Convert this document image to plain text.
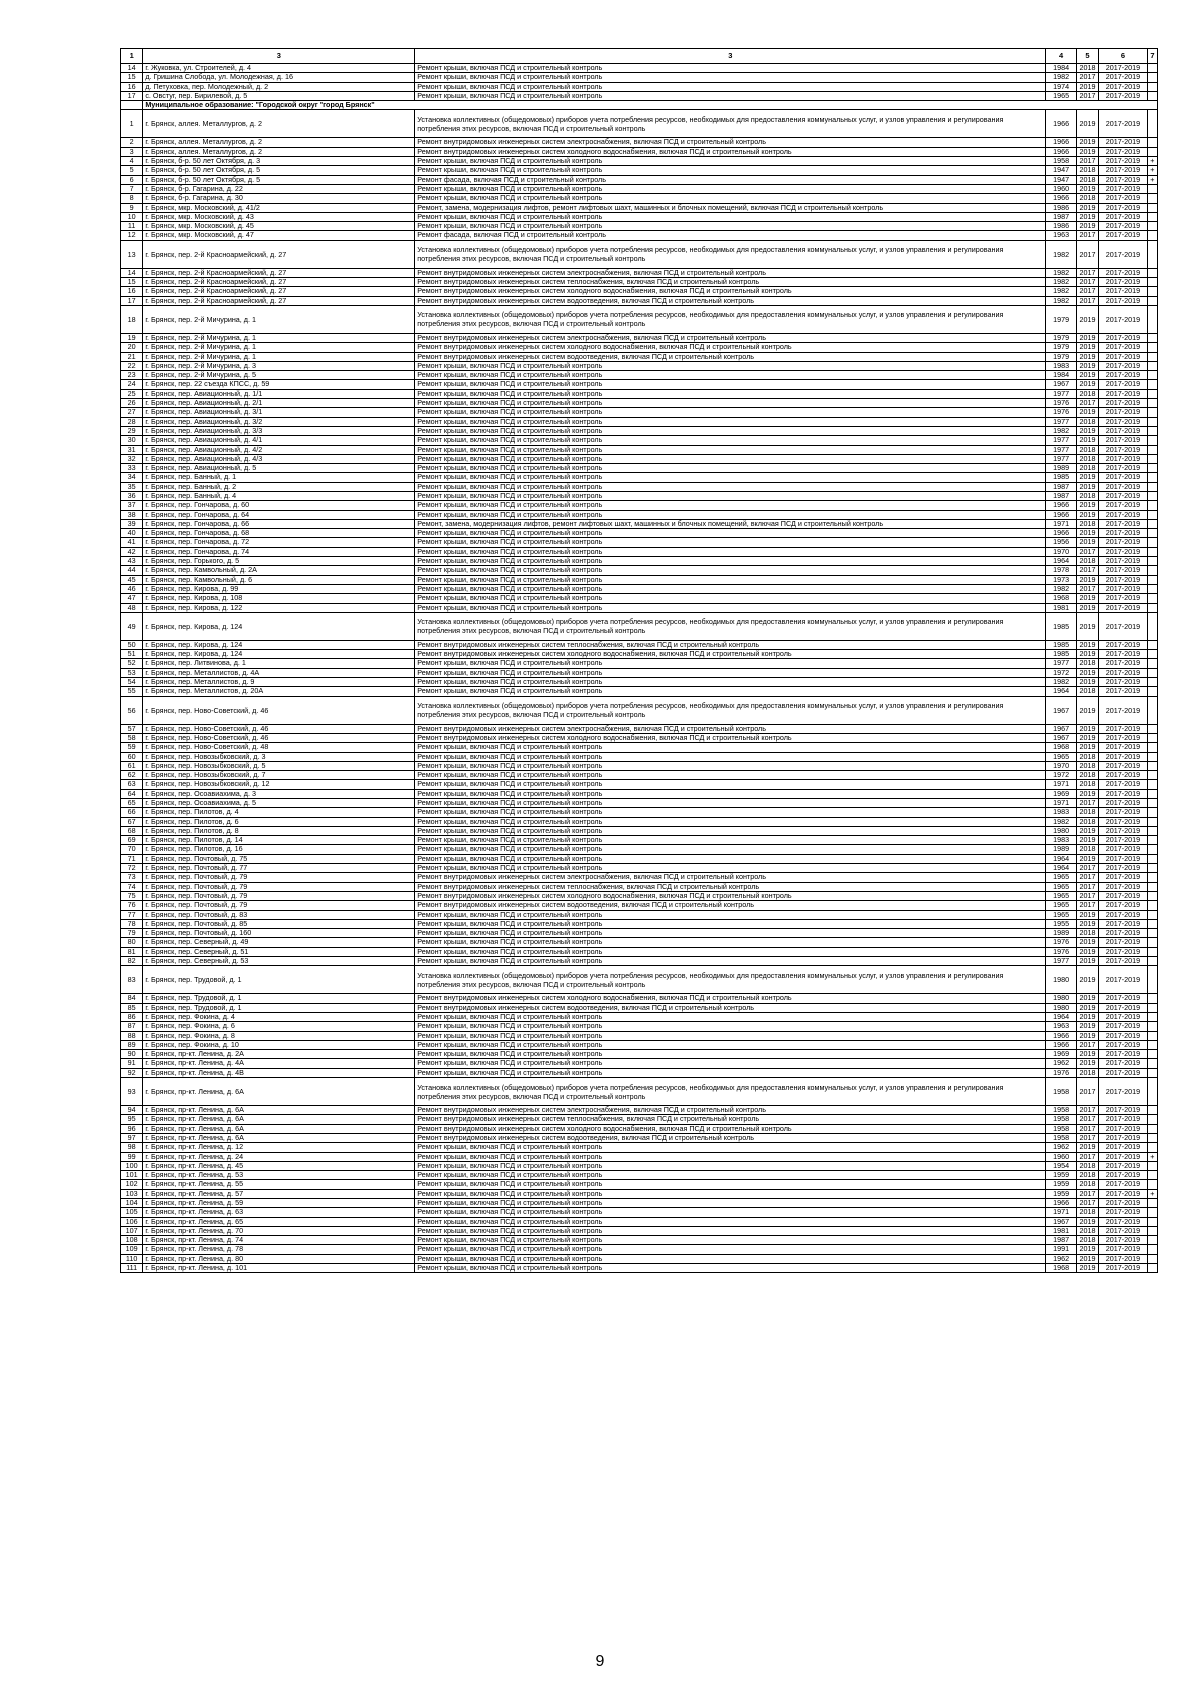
1	3	3	4	5	6	7
14	г. Жуковка, ул. Строителей, д. 4	Ремонт крыши, включая ПСД и строительный контроль	1984	2018	2017-2019	
15	д. Гришина Слобода, ул. Молодежная, д. 16	Ремонт крыши, включая ПСД и строительный контроль	1982	2017	2017-2019	
16	д. Петуховка, пер. Молодежный, д. 2	Ремонт крыши, включая ПСД и строительный контроль	1974	2019	2017-2019	
17	с. Овстуг, пер. Бирилевой, д. 5	Ремонт крыши, включая ПСД и строительный контроль	1965	2017	2017-2019	
	Муниципальное образование: "Городской округ "город Брянск"					
1	г. Брянск, аллея. Металлургов, д. 2	Установка коллективных (общедомовых) приборов учета потребления ресурсов, необходимых для предоставления коммунальных услуг, и узлов управления и регулирования потребления этих ресурсов, включая ПСД и строительный контроль	1966	2019	2017-2019	
2	г. Брянск, аллея. Металлургов, д. 2	Ремонт внутридомовых инженерных систем электроснабжения, включая ПСД и строительный контроль	1966	2019	2017-2019	
3	г. Брянск, аллея. Металлургов, д. 2	Ремонт внутридомовых инженерных систем холодного водоснабжения, включая ПСД и строительный контроль	1966	2019	2017-2019	
4	г. Брянск, б-р. 50 лет Октября, д. 3	Ремонт крыши, включая ПСД и строительный контроль	1958	2017	2017-2019	+
5	г. Брянск, б-р. 50 лет Октября, д. 5	Ремонт крыши, включая ПСД и строительный контроль	1947	2018	2017-2019	+
6	г. Брянск, б-р. 50 лет Октября, д. 5	Ремонт фасада, включая ПСД и строительный контроль	1947	2018	2017-2019	+
7	г. Брянск, б-р. Гагарина, д. 22	Ремонт крыши, включая ПСД и строительный контроль	1960	2019	2017-2019	
8	г. Брянск, б-р. Гагарина, д. 30	Ремонт крыши, включая ПСД и строительный контроль	1966	2018	2017-2019	
9	г. Брянск, мкр. Московский, д. 41/2	Ремонт, замена, модернизация лифтов, ремонт лифтовых шахт, машинных и блочных помещений, включая ПСД и строительный контроль	1986	2019	2017-2019	
10	г. Брянск, мкр. Московский, д. 43	Ремонт крыши, включая ПСД и строительный контроль	1987	2019	2017-2019	
11	г. Брянск, мкр. Московский, д. 45	Ремонт крыши, включая ПСД и строительный контроль	1986	2019	2017-2019	
12	г. Брянск, мкр. Московский, д. 47	Ремонт фасада, включая ПСД и строительный контроль	1963	2017	2017-2019	
13	г. Брянск, пер. 2-й Красноармейский, д. 27	Установка коллективных (общедомовых) приборов учета потребления ресурсов, необходимых для предоставления коммунальных услуг, и узлов управления и регулирования потребления этих ресурсов, включая ПСД и строительный контроль	1982	2017	2017-2019	
14	г. Брянск, пер. 2-й Красноармейский, д. 27	Ремонт внутридомовых инженерных систем электроснабжения, включая ПСД и строительный контроль	1982	2017	2017-2019	
15	г. Брянск, пер. 2-й Красноармейский, д. 27	Ремонт внутридомовых инженерных систем теплоснабжения, включая ПСД и строительный контроль	1982	2017	2017-2019	
16	г. Брянск, пер. 2-й Красноармейский, д. 27	Ремонт внутридомовых инженерных систем холодного водоснабжения, включая ПСД и строительный контроль	1982	2017	2017-2019	
17	г. Брянск, пер. 2-й Красноармейский, д. 27	Ремонт внутридомовых инженерных систем водоотведения, включая ПСД и строительный контроль	1982	2017	2017-2019	
18	г. Брянск, пер. 2-й Мичурина, д. 1	Установка коллективных (общедомовых) приборов учета потребления ресурсов, необходимых для предоставления коммунальных услуг, и узлов управления и регулирования потребления этих ресурсов, включая ПСД и строительный контроль	1979	2019	2017-2019	
19	г. Брянск, пер. 2-й Мичурина, д. 1	Ремонт внутридомовых инженерных систем электроснабжения, включая ПСД и строительный контроль	1979	2019	2017-2019	
20	г. Брянск, пер. 2-й Мичурина, д. 1	Ремонт внутридомовых инженерных систем холодного водоснабжения, включая ПСД и строительный контроль	1979	2019	2017-2019	
21	г. Брянск, пер. 2-й Мичурина, д. 1	Ремонт внутридомовых инженерных систем водоотведения, включая ПСД и строительный контроль	1979	2019	2017-2019	
22	г. Брянск, пер. 2-й Мичурина, д. 3	Ремонт крыши, включая ПСД и строительный контроль	1983	2019	2017-2019	
23	г. Брянск, пер. 2-й Мичурина, д. 5	Ремонт крыши, включая ПСД и строительный контроль	1984	2019	2017-2019	
24	г. Брянск, пер. 22 съезда КПСС, д. 59	Ремонт крыши, включая ПСД и строительный контроль	1967	2019	2017-2019	
25	г. Брянск, пер. Авиационный, д. 1/1	Ремонт крыши, включая ПСД и строительный контроль	1977	2018	2017-2019	
26	г. Брянск, пер. Авиационный, д. 2/1	Ремонт крыши, включая ПСД и строительный контроль	1976	2017	2017-2019	
27	г. Брянск, пер. Авиационный, д. 3/1	Ремонт крыши, включая ПСД и строительный контроль	1976	2019	2017-2019	
28	г. Брянск, пер. Авиационный, д. 3/2	Ремонт крыши, включая ПСД и строительный контроль	1977	2018	2017-2019	
29	г. Брянск, пер. Авиационный, д. 3/3	Ремонт крыши, включая ПСД и строительный контроль	1982	2019	2017-2019	
30	г. Брянск, пер. Авиационный, д. 4/1	Ремонт крыши, включая ПСД и строительный контроль	1977	2019	2017-2019	
31	г. Брянск, пер. Авиационный, д. 4/2	Ремонт крыши, включая ПСД и строительный контроль	1977	2018	2017-2019	
32	г. Брянск, пер. Авиационный, д. 4/3	Ремонт крыши, включая ПСД и строительный контроль	1977	2018	2017-2019	
33	г. Брянск, пер. Авиационный, д. 5	Ремонт крыши, включая ПСД и строительный контроль	1989	2018	2017-2019	
34	г. Брянск, пер. Банный, д. 1	Ремонт крыши, включая ПСД и строительный контроль	1985	2019	2017-2019	
35	г. Брянск, пер. Банный, д. 2	Ремонт крыши, включая ПСД и строительный контроль	1987	2019	2017-2019	
36	г. Брянск, пер. Банный, д. 4	Ремонт крыши, включая ПСД и строительный контроль	1987	2018	2017-2019	
37	г. Брянск, пер. Гончарова, д. 60	Ремонт крыши, включая ПСД и строительный контроль	1966	2019	2017-2019	
38	г. Брянск, пер. Гончарова, д. 64	Ремонт крыши, включая ПСД и строительный контроль	1966	2019	2017-2019	
39	г. Брянск, пер. Гончарова, д. 66	Ремонт, замена, модернизация лифтов, ремонт лифтовых шахт, машинных и блочных помещений, включая ПСД и строительный контроль	1971	2018	2017-2019	
40	г. Брянск, пер. Гончарова, д. 68	Ремонт крыши, включая ПСД и строительный контроль	1966	2019	2017-2019	
41	г. Брянск, пер. Гончарова, д. 72	Ремонт крыши, включая ПСД и строительный контроль	1956	2019	2017-2019	
42	г. Брянск, пер. Гончарова, д. 74	Ремонт крыши, включая ПСД и строительный контроль	1970	2017	2017-2019	
43	г. Брянск, пер. Горького, д. 5	Ремонт крыши, включая ПСД и строительный контроль	1964	2018	2017-2019	
44	г. Брянск, пер. Камвольный, д. 2А	Ремонт крыши, включая ПСД и строительный контроль	1978	2017	2017-2019	
45	г. Брянск, пер. Камвольный, д. 6	Ремонт крыши, включая ПСД и строительный контроль	1973	2019	2017-2019	
46	г. Брянск, пер. Кирова, д. 99	Ремонт крыши, включая ПСД и строительный контроль	1982	2017	2017-2019	
47	г. Брянск, пер. Кирова, д. 108	Ремонт крыши, включая ПСД и строительный контроль	1968	2019	2017-2019	
48	г. Брянск, пер. Кирова, д. 122	Ремонт крыши, включая ПСД и строительный контроль	1981	2019	2017-2019	
49	г. Брянск, пер. Кирова, д. 124	Установка коллективных (общедомовых) приборов учета потребления ресурсов, необходимых для предоставления коммунальных услуг, и узлов управления и регулирования потребления этих ресурсов, включая ПСД и строительный контроль	1985	2019	2017-2019	
50	г. Брянск, пер. Кирова, д. 124	Ремонт внутридомовых инженерных систем теплоснабжения, включая ПСД и строительный контроль	1985	2019	2017-2019	
51	г. Брянск, пер. Кирова, д. 124	Ремонт внутридомовых инженерных систем холодного водоснабжения, включая ПСД и строительный контроль	1985	2019	2017-2019	
52	г. Брянск, пер. Литвинова, д. 1	Ремонт крыши, включая ПСД и строительный контроль	1977	2018	2017-2019	
53	г. Брянск, пер. Металлистов, д. 4А	Ремонт крыши, включая ПСД и строительный контроль	1972	2019	2017-2019	
54	г. Брянск, пер. Металлистов, д. 9	Ремонт крыши, включая ПСД и строительный контроль	1982	2019	2017-2019	
55	г. Брянск, пер. Металлистов, д. 20А	Ремонт крыши, включая ПСД и строительный контроль	1964	2018	2017-2019	
56	г. Брянск, пер. Ново-Советский, д. 46	Установка коллективных (общедомовых) приборов учета потребления ресурсов, необходимых для предоставления коммунальных услуг, и узлов управления и регулирования потребления этих ресурсов, включая ПСД и строительный контроль	1967	2019	2017-2019	
57	г. Брянск, пер. Ново-Советский, д. 46	Ремонт внутридомовых инженерных систем электроснабжения, включая ПСД и строительный контроль	1967	2019	2017-2019	
58	г. Брянск, пер. Ново-Советский, д. 46	Ремонт внутридомовых инженерных систем холодного водоснабжения, включая ПСД и строительный контроль	1967	2019	2017-2019	
59	г. Брянск, пер. Ново-Советский, д. 48	Ремонт крыши, включая ПСД и строительный контроль	1968	2019	2017-2019	
60	г. Брянск, пер. Новозыбковский, д. 3	Ремонт крыши, включая ПСД и строительный контроль	1965	2018	2017-2019	
61	г. Брянск, пер. Новозыбковский, д. 5	Ремонт крыши, включая ПСД и строительный контроль	1970	2018	2017-2019	
62	г. Брянск, пер. Новозыбковский, д. 7	Ремонт крыши, включая ПСД и строительный контроль	1972	2018	2017-2019	
63	г. Брянск, пер. Новозыбковский, д. 12	Ремонт крыши, включая ПСД и строительный контроль	1971	2018	2017-2019	
64	г. Брянск, пер. Осоавиахима, д. 3	Ремонт крыши, включая ПСД и строительный контроль	1969	2019	2017-2019	
65	г. Брянск, пер. Осоавиахима, д. 5	Ремонт крыши, включая ПСД и строительный контроль	1971	2017	2017-2019	
66	г. Брянск, пер. Пилотов, д. 4	Ремонт крыши, включая ПСД и строительный контроль	1983	2018	2017-2019	
67	г. Брянск, пер. Пилотов, д. 6	Ремонт крыши, включая ПСД и строительный контроль	1982	2018	2017-2019	
68	г. Брянск, пер. Пилотов, д. 8	Ремонт крыши, включая ПСД и строительный контроль	1980	2019	2017-2019	
69	г. Брянск, пер. Пилотов, д. 14	Ремонт крыши, включая ПСД и строительный контроль	1983	2019	2017-2019	
70	г. Брянск, пер. Пилотов, д. 16	Ремонт крыши, включая ПСД и строительный контроль	1989	2018	2017-2019	
71	г. Брянск, пер. Почтовый, д. 75	Ремонт крыши, включая ПСД и строительный контроль	1964	2019	2017-2019	
72	г. Брянск, пер. Почтовый, д. 77	Ремонт крыши, включая ПСД и строительный контроль	1964	2017	2017-2019	
73	г. Брянск, пер. Почтовый, д. 79	Ремонт внутридомовых инженерных систем электроснабжения, включая ПСД и строительный контроль	1965	2017	2017-2019	
74	г. Брянск, пер. Почтовый, д. 79	Ремонт внутридомовых инженерных систем теплоснабжения, включая ПСД и строительный контроль	1965	2017	2017-2019	
75	г. Брянск, пер. Почтовый, д. 79	Ремонт внутридомовых инженерных систем холодного водоснабжения, включая ПСД и строительный контроль	1965	2017	2017-2019	
76	г. Брянск, пер. Почтовый, д. 79	Ремонт внутридомовых инженерных систем водоотведения, включая ПСД и строительный контроль	1965	2017	2017-2019	
77	г. Брянск, пер. Почтовый, д. 83	Ремонт крыши, включая ПСД и строительный контроль	1965	2019	2017-2019	
78	г. Брянск, пер. Почтовый, д. 85	Ремонт крыши, включая ПСД и строительный контроль	1955	2019	2017-2019	
79	г. Брянск, пер. Почтовый, д. 160	Ремонт крыши, включая ПСД и строительный контроль	1989	2018	2017-2019	
80	г. Брянск, пер. Северный, д. 49	Ремонт крыши, включая ПСД и строительный контроль	1976	2019	2017-2019	
81	г. Брянск, пер. Северный, д. 51	Ремонт крыши, включая ПСД и строительный контроль	1976	2019	2017-2019	
82	г. Брянск, пер. Северный, д. 53	Ремонт крыши, включая ПСД и строительный контроль	1977	2019	2017-2019	
83	г. Брянск, пер. Трудовой, д. 1	Установка коллективных (общедомовых) приборов учета потребления ресурсов, необходимых для предоставления коммунальных услуг, и узлов управления и регулирования потребления этих ресурсов, включая ПСД и строительный контроль	1980	2019	2017-2019	
84	г. Брянск, пер. Трудовой, д. 1	Ремонт внутридомовых инженерных систем холодного водоснабжения, включая ПСД и строительный контроль	1980	2019	2017-2019	
85	г. Брянск, пер. Трудовой, д. 1	Ремонт внутридомовых инженерных систем водоотведения, включая ПСД и строительный контроль	1980	2019	2017-2019	
86	г. Брянск, пер. Фокина, д. 4	Ремонт крыши, включая ПСД и строительный контроль	1964	2019	2017-2019	
87	г. Брянск, пер. Фокина, д. 6	Ремонт крыши, включая ПСД и строительный контроль	1963	2019	2017-2019	
88	г. Брянск, пер. Фокина, д. 8	Ремонт крыши, включая ПСД и строительный контроль	1966	2019	2017-2019	
89	г. Брянск, пер. Фокина, д. 10	Ремонт крыши, включая ПСД и строительный контроль	1966	2017	2017-2019	
90	г. Брянск, пр-кт. Ленина, д. 2А	Ремонт крыши, включая ПСД и строительный контроль	1969	2019	2017-2019	
91	г. Брянск, пр-кт. Ленина, д. 4А	Ремонт крыши, включая ПСД и строительный контроль	1962	2019	2017-2019	
92	г. Брянск, пр-кт. Ленина, д. 4В	Ремонт крыши, включая ПСД и строительный контроль	1976	2018	2017-2019	
93	г. Брянск, пр-кт. Ленина, д. 6А	Установка коллективных (общедомовых) приборов учета потребления ресурсов, необходимых для предоставления коммунальных услуг, и узлов управления и регулирования потребления этих ресурсов, включая ПСД и строительный контроль	1958	2017	2017-2019	
94	г. Брянск, пр-кт. Ленина, д. 6А	Ремонт внутридомовых инженерных систем электроснабжения, включая ПСД и строительный контроль	1958	2017	2017-2019	
95	г. Брянск, пр-кт. Ленина, д. 6А	Ремонт внутридомовых инженерных систем теплоснабжения, включая ПСД и строительный контроль	1958	2017	2017-2019	
96	г. Брянск, пр-кт. Ленина, д. 6А	Ремонт внутридомовых инженерных систем холодного водоснабжения, включая ПСД и строительный контроль	1958	2017	2017-2019	
97	г. Брянск, пр-кт. Ленина, д. 6А	Ремонт внутридомовых инженерных систем водоотведения, включая ПСД и строительный контроль	1958	2017	2017-2019	
98	г. Брянск, пр-кт. Ленина, д. 12	Ремонт крыши, включая ПСД и строительный контроль	1962	2019	2017-2019	
99	г. Брянск, пр-кт. Ленина, д. 24	Ремонт крыши, включая ПСД и строительный контроль	1960	2017	2017-2019	+
100	г. Брянск, пр-кт. Ленина, д. 45	Ремонт крыши, включая ПСД и строительный контроль	1954	2018	2017-2019	
101	г. Брянск, пр-кт. Ленина, д. 53	Ремонт крыши, включая ПСД и строительный контроль	1959	2018	2017-2019	
102	г. Брянск, пр-кт. Ленина, д. 55	Ремонт крыши, включая ПСД и строительный контроль	1959	2018	2017-2019	
103	г. Брянск, пр-кт. Ленина, д. 57	Ремонт крыши, включая ПСД и строительный контроль	1959	2017	2017-2019	+
104	г. Брянск, пр-кт. Ленина, д. 59	Ремонт крыши, включая ПСД и строительный контроль	1966	2017	2017-2019	
105	г. Брянск, пр-кт. Ленина, д. 63	Ремонт крыши, включая ПСД и строительный контроль	1971	2018	2017-2019	
106	г. Брянск, пр-кт. Ленина, д. 65	Ремонт крыши, включая ПСД и строительный контроль	1967	2019	2017-2019	
107	г. Брянск, пр-кт. Ленина, д. 70	Ремонт крыши, включая ПСД и строительный контроль	1981	2018	2017-2019	
108	г. Брянск, пр-кт. Ленина, д. 74	Ремонт крыши, включая ПСД и строительный контроль	1987	2018	2017-2019	
109	г. Брянск, пр-кт. Ленина, д. 78	Ремонт крыши, включая ПСД и строительный контроль	1991	2019	2017-2019	
110	г. Брянск, пр-кт. Ленина, д. 80	Ремонт крыши, включая ПСД и строительный контроль	1962	2019	2017-2019	
111	г. Брянск, пр-кт. Ленина, д. 101	Ремонт крыши, включая ПСД и строительный контроль	1968	2019	2017-2019	
9
